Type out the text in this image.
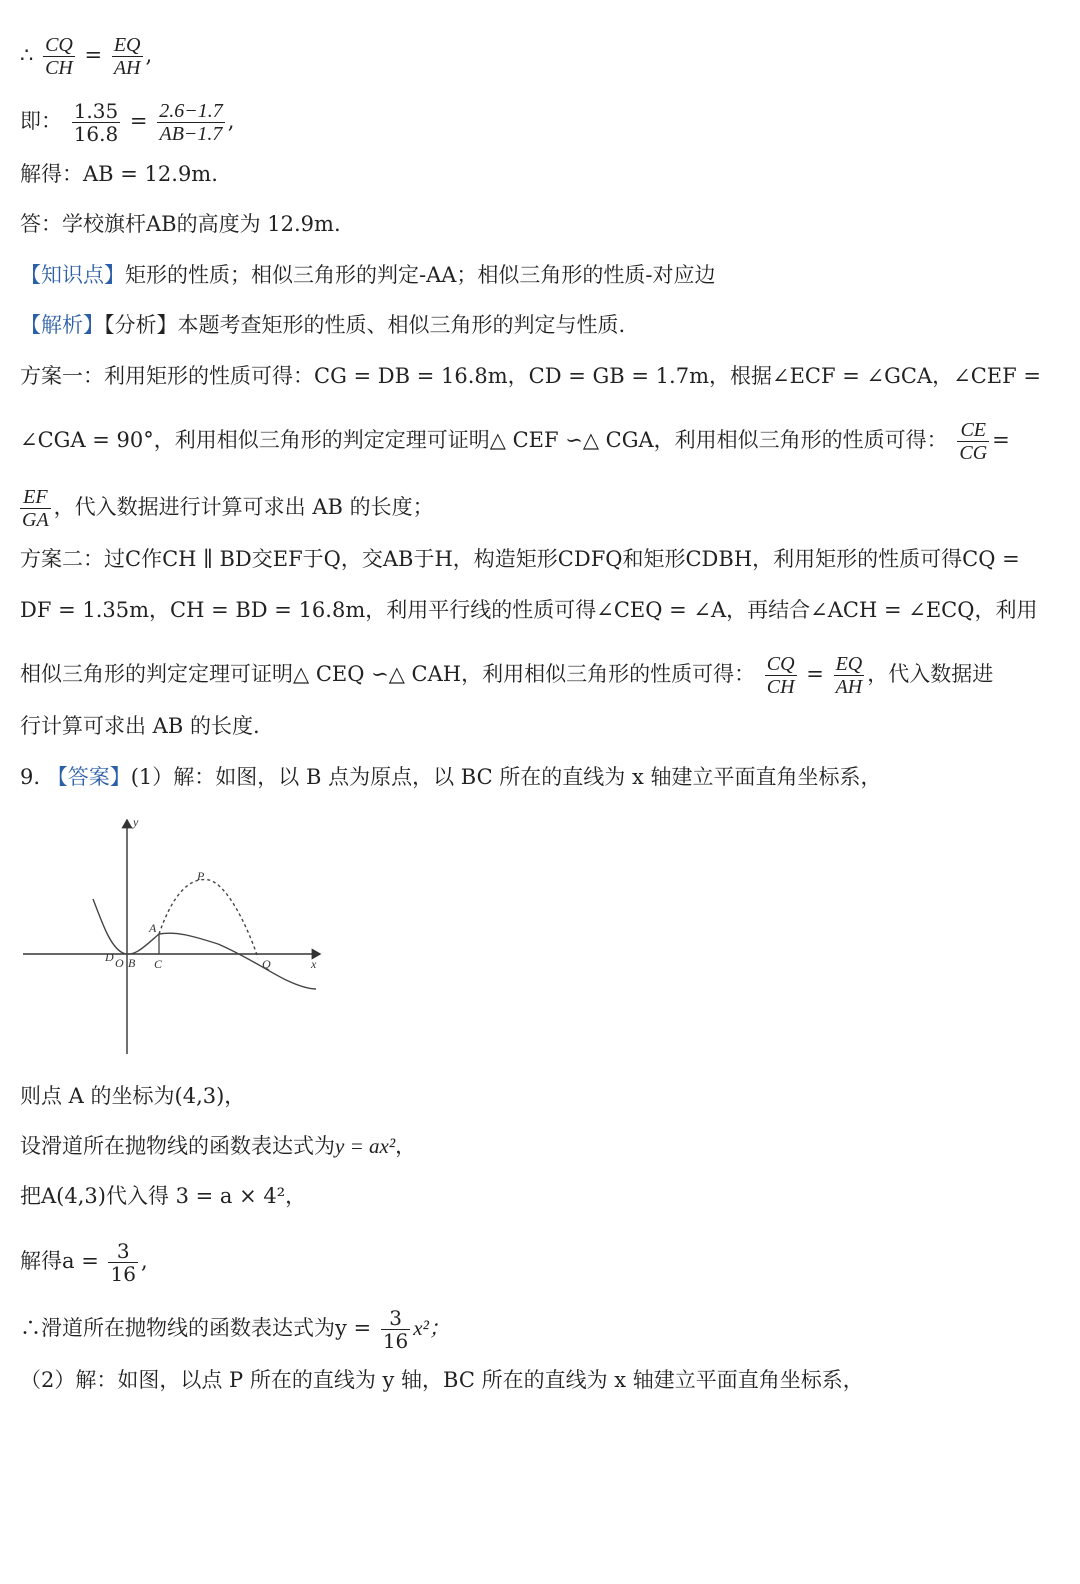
∴ $\frac{CQ}{CH} = \frac{EQ}{AH}$ ,
即： $\frac{1.35}{16.8} = \frac{2.6-1.7}{AB-1.7}$ ,
解得：AB = 12.9m.
答：学校旗杆AB的高度为 12.9m.
【知识点】矩形的性质；相似三角形的判定-AA；相似三角形的性质-对应边
【解析】【分析】本题考查矩形的性质、相似三角形的判定与性质.
方案一：利用矩形的性质可得：CG = DB = 16.8m，CD = GB = 1.7m，根据∠ECF = ∠GCA，∠CEF =
∠CGA = 90°，利用相似三角形的判定定理可证明△ CEF ∽△ CGA，利用相似三角形的性质可得： $\frac{CE}{CG}$ =
$\frac{EF}{GA}$ ，代入数据进行计算可求出 AB 的长度；
方案二：过C作CH ∥ BD交EF于Q，交AB于H，构造矩形CDFQ和矩形CDBH，利用矩形的性质可得CQ =
DF = 1.35m，CH = BD = 16.8m，利用平行线的性质可得∠CEQ = ∠A，再结合∠ACH = ∠ECQ，利用
相似三角形的判定定理可证明△ CEQ ∽△ CAH，利用相似三角形的性质可得： $\frac{CQ}{CH} = \frac{EQ}{AH}$ ，代入数据进
行计算可求出 AB 的长度.
9. 【答案】(1）解：如图，以 B 点为原点，以 BC 所在的直线为 x 轴建立平面直角坐标系，
y
x
P
A
D O B C	Q
则点 A 的坐标为(4,3)，
设滑道所在抛物线的函数表达式为y = ax²，
把A(4,3)代入得 3 = a × 4²，
解得$a = \frac{3}{16}$ ,
∴滑道所在抛物线的函数表达式为$y = \frac{3}{16} x^2$；
（2）解：如图，以点 P 所在的直线为 y 轴，BC 所在的直线为 x 轴建立平面直角坐标系，
